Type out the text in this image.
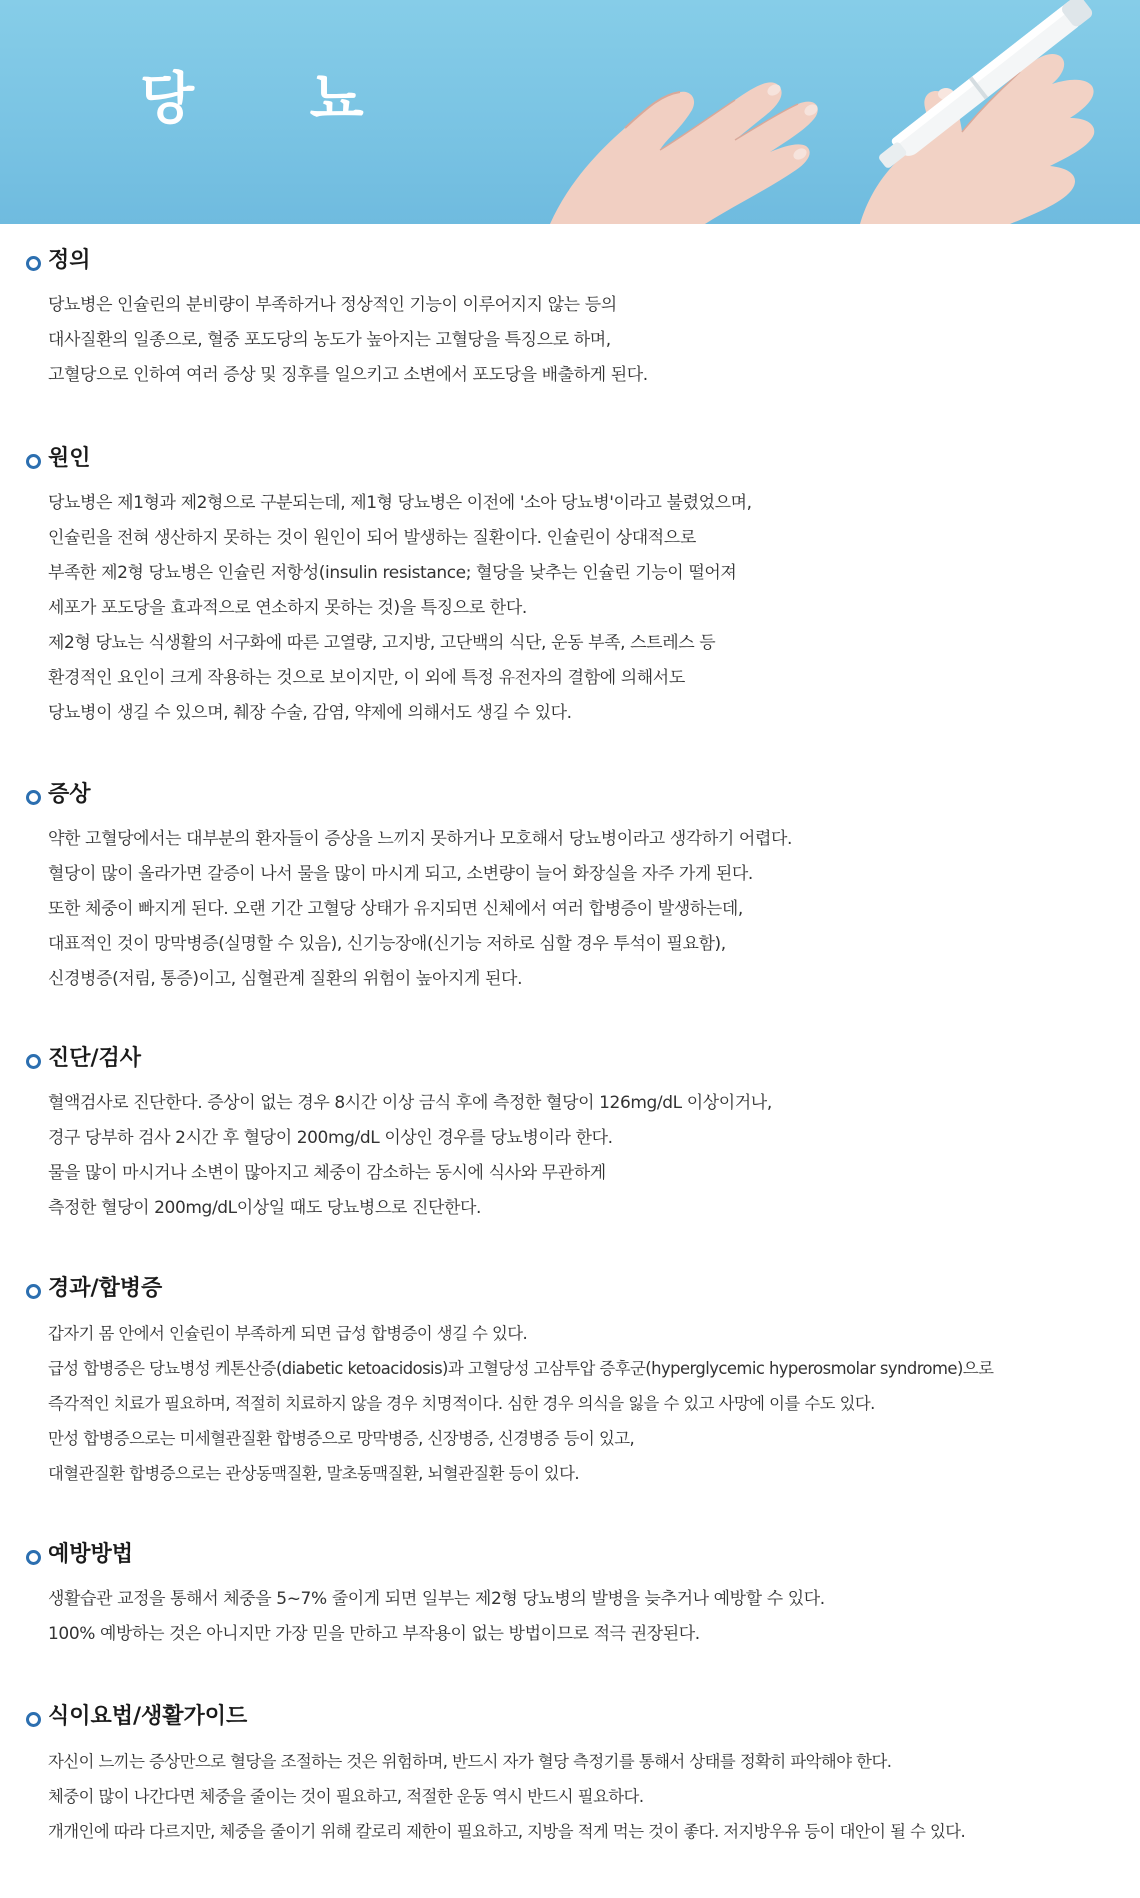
당 뇨
정의
당뇨병은 인슐린의 분비량이 부족하거나 정상적인 기능이 이루어지지 않는 등의
대사질환의 일종으로, 혈중 포도당의 농도가 높아지는 고혈당을 특징으로 하며,
고혈당으로 인하여 여러 증상 및 징후를 일으키고 소변에서 포도당을 배출하게 된다.
원인
당뇨병은 제1형과 제2형으로 구분되는데, 제1형 당뇨병은 이전에 '소아 당뇨병'이라고 불렸었으며,
인슐린을 전혀 생산하지 못하는 것이 원인이 되어 발생하는 질환이다. 인슐린이 상대적으로
부족한 제2형 당뇨병은 인슐린 저항성(insulin resistance; 혈당을 낮추는 인슐린 기능이 떨어져
세포가 포도당을 효과적으로 연소하지 못하는 것)을 특징으로 한다.
제2형 당뇨는 식생활의 서구화에 따른 고열량, 고지방, 고단백의 식단, 운동 부족, 스트레스 등
환경적인 요인이 크게 작용하는 것으로 보이지만, 이 외에 특정 유전자의 결함에 의해서도
당뇨병이 생길 수 있으며, 췌장 수술, 감염, 약제에 의해서도 생길 수 있다.
증상
약한 고혈당에서는 대부분의 환자들이 증상을 느끼지 못하거나 모호해서 당뇨병이라고 생각하기 어렵다.
혈당이 많이 올라가면 갈증이 나서 물을 많이 마시게 되고, 소변량이 늘어 화장실을 자주 가게 된다.
또한 체중이 빠지게 된다. 오랜 기간 고혈당 상태가 유지되면 신체에서 여러 합병증이 발생하는데,
대표적인 것이 망막병증(실명할 수 있음), 신기능장애(신기능 저하로 심할 경우 투석이 필요함),
신경병증(저림, 통증)이고, 심혈관계 질환의 위험이 높아지게 된다.
진단/검사
혈액검사로 진단한다. 증상이 없는 경우 8시간 이상 금식 후에 측정한 혈당이 126mg/dL 이상이거나,
경구 당부하 검사 2시간 후 혈당이 200mg/dL 이상인 경우를 당뇨병이라 한다.
물을 많이 마시거나 소변이 많아지고 체중이 감소하는 동시에 식사와 무관하게
측정한 혈당이 200mg/dL이상일 때도 당뇨병으로 진단한다.
경과/합병증
갑자기 몸 안에서 인슐린이 부족하게 되면 급성 합병증이 생길 수 있다.
급성 합병증은 당뇨병성 케톤산증(diabetic ketoacidosis)과 고혈당성 고삼투압 증후군(hyperglycemic hyperosmolar syndrome)으로
즉각적인 치료가 필요하며, 적절히 치료하지 않을 경우 치명적이다. 심한 경우 의식을 잃을 수 있고 사망에 이를 수도 있다.
만성 합병증으로는 미세혈관질환 합병증으로 망막병증, 신장병증, 신경병증 등이 있고,
대혈관질환 합병증으로는 관상동맥질환, 말초동맥질환, 뇌혈관질환 등이 있다.
예방방법
생활습관 교정을 통해서 체중을 5~7% 줄이게 되면 일부는 제2형 당뇨병의 발병을 늦추거나 예방할 수 있다.
100% 예방하는 것은 아니지만 가장 믿을 만하고 부작용이 없는 방법이므로 적극 권장된다.
식이요법/생활가이드
자신이 느끼는 증상만으로 혈당을 조절하는 것은 위험하며, 반드시 자가 혈당 측정기를 통해서 상태를 정확히 파악해야 한다.
체중이 많이 나간다면 체중을 줄이는 것이 필요하고, 적절한 운동 역시 반드시 필요하다.
개개인에 따라 다르지만, 체중을 줄이기 위해 칼로리 제한이 필요하고, 지방을 적게 먹는 것이 좋다. 저지방우유 등이 대안이 될 수 있다.
